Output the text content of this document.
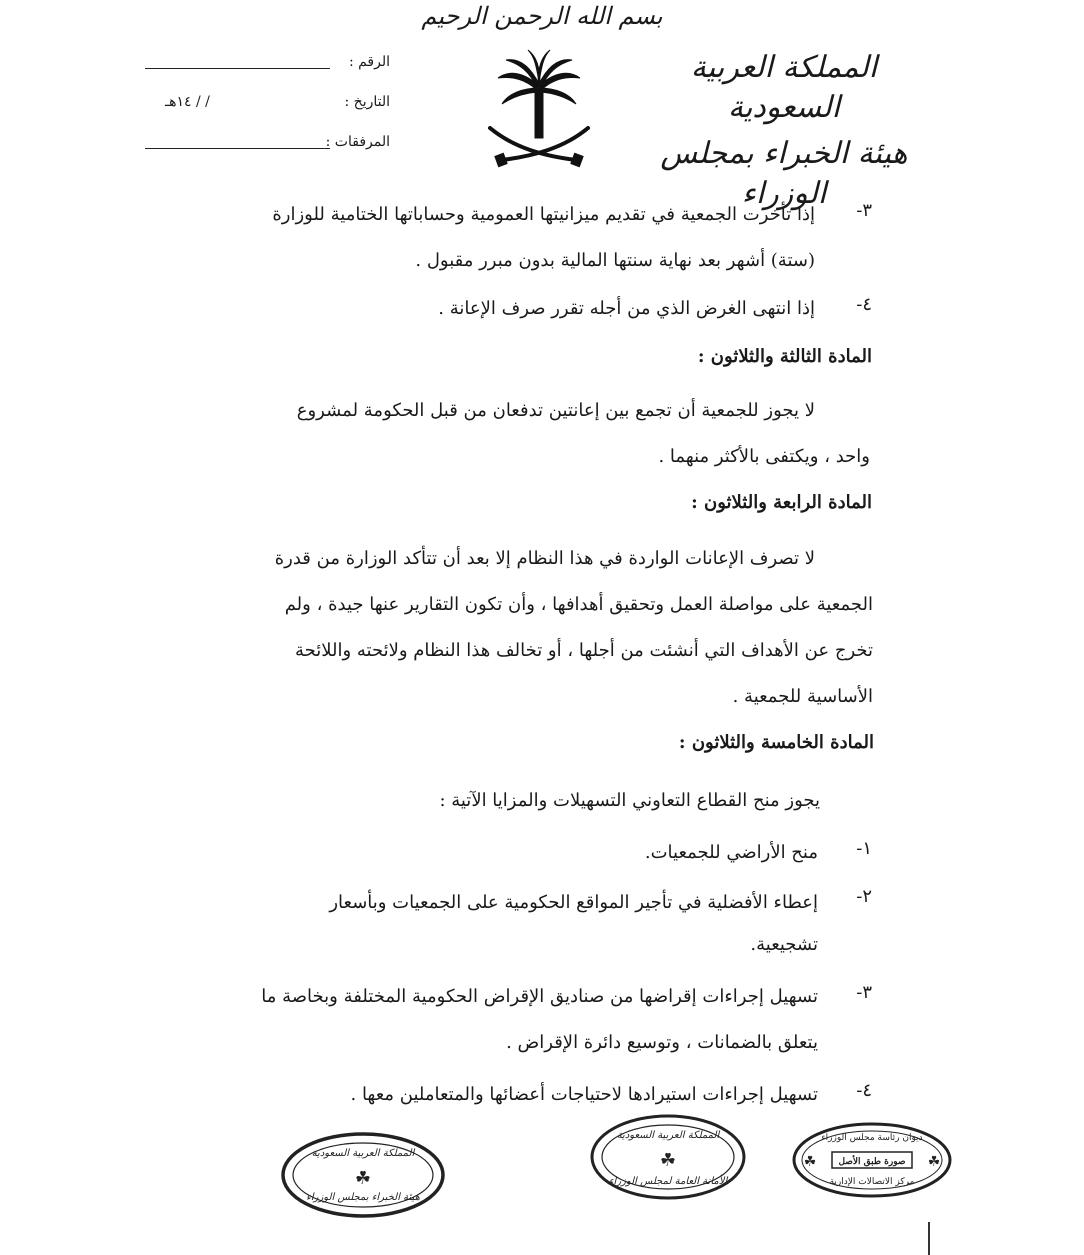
بسم الله الرحمن الرحيم
المملكة العربية السعودية
هيئة الخبراء بمجلس الوزراء
الرقم :
التاريخ :
/ / ١٤هـ
المرفقات :
٣-
إذا تأخرت الجمعية في تقديم ميزانيتها العمومية وحساباتها الختامية للوزارة
(ستة) أشهر بعد نهاية سنتها المالية بدون مبرر مقبول .
٤-
إذا انتهى الغرض الذي من أجله تقرر صرف الإعانة .
المادة الثالثة والثلاثون :
لا يجوز للجمعية أن تجمع بين إعانتين تدفعان من قبل الحكومة لمشروع
واحد ، ويكتفى بالأكثر منهما .
المادة الرابعة والثلاثون :
لا تصرف الإعانات الواردة في هذا النظام إلا بعد أن تتأكد الوزارة من قدرة
الجمعية على مواصلة العمل وتحقيق أهدافها ، وأن تكون التقارير عنها جيدة ، ولم
تخرج عن الأهداف التي أنشئت من أجلها ، أو تخالف هذا النظام ولائحته واللائحة
الأساسية للجمعية .
المادة الخامسة والثلاثون :
يجوز منح القطاع التعاوني التسهيلات والمزايا الآتية :
١-
منح الأراضي للجمعيات.
٢-
إعطاء الأفضلية في تأجير المواقع الحكومية على الجمعيات وبأسعار
تشجيعية.
٣-
تسهيل إجراءات إقراضها من صناديق الإقراض الحكومية المختلفة وبخاصة ما
يتعلق بالضمانات ، وتوسيع دائرة الإقراض .
٤-
تسهيل إجراءات استيرادها لاحتياجات أعضائها والمتعاملين معها .
ديوان رئاسة مجلس الوزراء
صورة طبق الأصل
مركز الاتصالات الإدارية
☘	☘
المملكة العربية السعودية
☘
الأمانة العامة لمجلس الوزراء
المملكة العربية السعودية
☘
هيئة الخبراء بمجلس الوزراء
